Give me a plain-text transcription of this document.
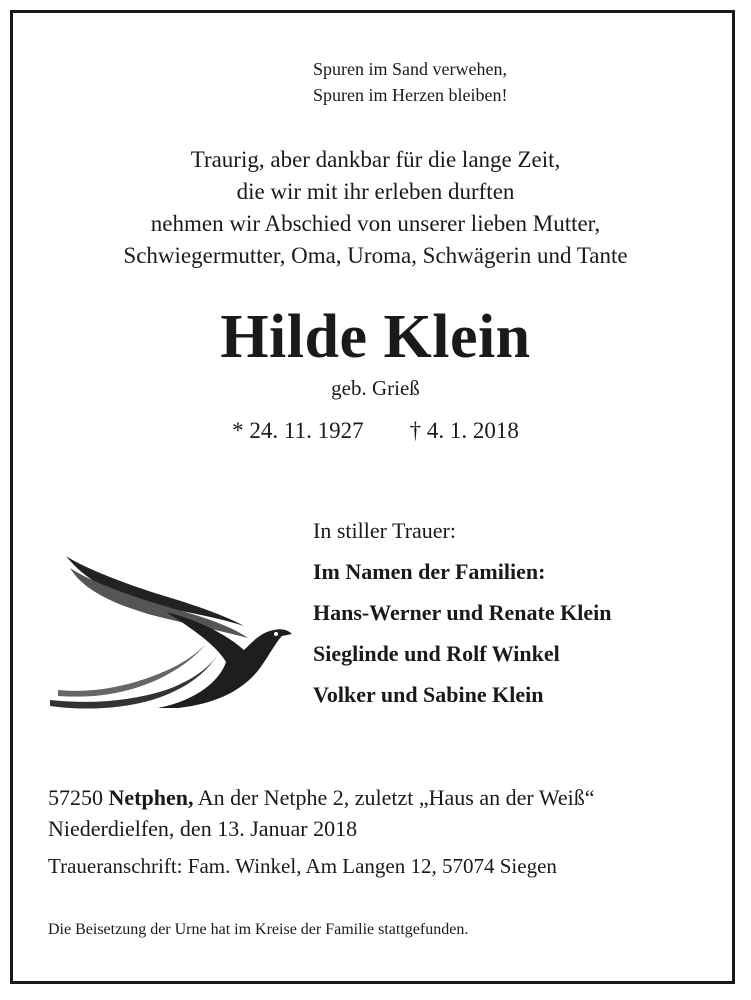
Spuren im Sand verwehen,
Spuren im Herzen bleiben!
Traurig, aber dankbar für die lange Zeit,
die wir mit ihr erleben durften
nehmen wir Abschied von unserer lieben Mutter,
Schwiegermutter, Oma, Uroma, Schwägerin und Tante
Hilde Klein
geb. Grieß
* 24. 11. 1927 † 4. 1. 2018
In stiller Trauer:
Im Namen der Familien:
Hans-Werner und Renate Klein
Sieglinde und Rolf Winkel
Volker und Sabine Klein
57250 Netphen, An der Netphe 2, zuletzt „Haus an der Weiß“
Niederdielfen, den 13. Januar 2018
Traueranschrift: Fam. Winkel, Am Langen 12, 57074 Siegen
Die Beisetzung der Urne hat im Kreise der Familie stattgefunden.
